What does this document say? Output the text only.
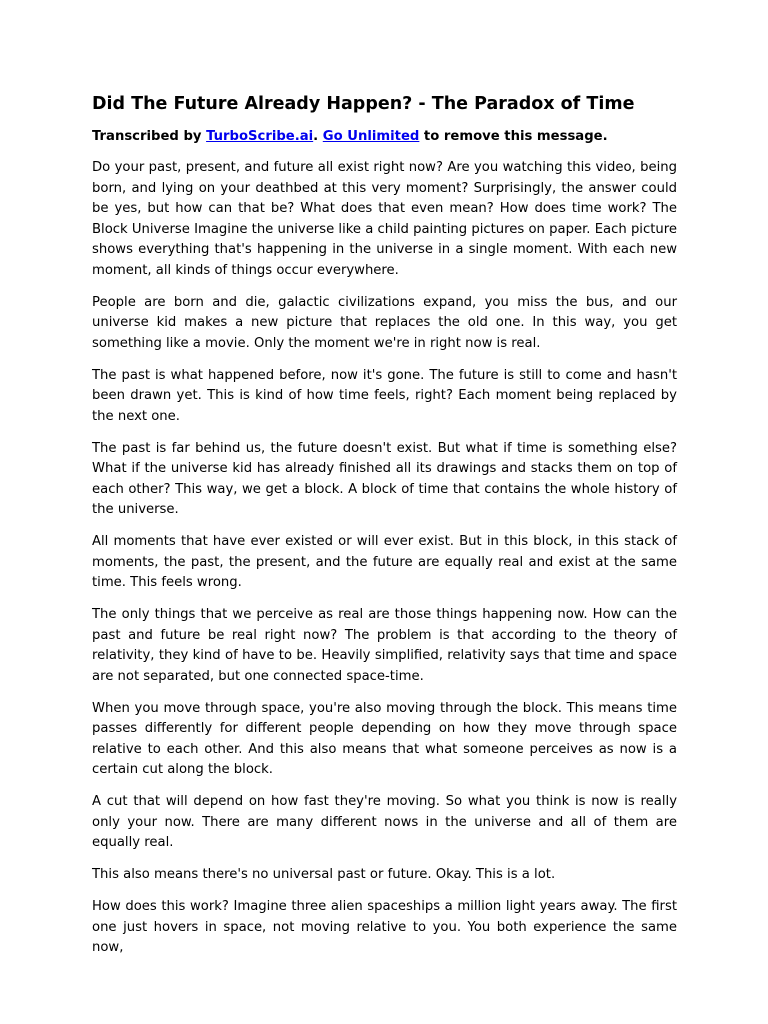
Did The Future Already Happen? - The Paradox of Time
Transcribed by TurboScribe.ai. Go Unlimited to remove this message.

Do your past, present, and future all exist right now? Are you watching this video, being born, and lying on your deathbed at this very moment? Surprisingly, the answer could be yes, but how can that be? What does that even mean? How does time work? The Block Universe Imagine the universe like a child painting pictures on paper. Each picture shows everything that's happening in the universe in a single moment. With each new moment, all kinds of things occur everywhere.

People are born and die, galactic civilizations expand, you miss the bus, and our universe kid makes a new picture that replaces the old one. In this way, you get something like a movie. Only the moment we're in right now is real.

The past is what happened before, now it's gone. The future is still to come and hasn't been drawn yet. This is kind of how time feels, right? Each moment being replaced by the next one.

The past is far behind us, the future doesn't exist. But what if time is something else? What if the universe kid has already finished all its drawings and stacks them on top of each other? This way, we get a block. A block of time that contains the whole history of the universe.

All moments that have ever existed or will ever exist. But in this block, in this stack of moments, the past, the present, and the future are equally real and exist at the same time. This feels wrong.

The only things that we perceive as real are those things happening now. How can the past and future be real right now? The problem is that according to the theory of relativity, they kind of have to be. Heavily simplified, relativity says that time and space are not separated, but one connected space-time.

When you move through space, you're also moving through the block. This means time passes differently for different people depending on how they move through space relative to each other. And this also means that what someone perceives as now is a certain cut along the block.

A cut that will depend on how fast they're moving. So what you think is now is really only your now. There are many different nows in the universe and all of them are equally real.

This also means there's no universal past or future. Okay. This is a lot.

How does this work? Imagine three alien spaceships a million light years away. The first one just hovers in space, not moving relative to you. You both experience the same now,
